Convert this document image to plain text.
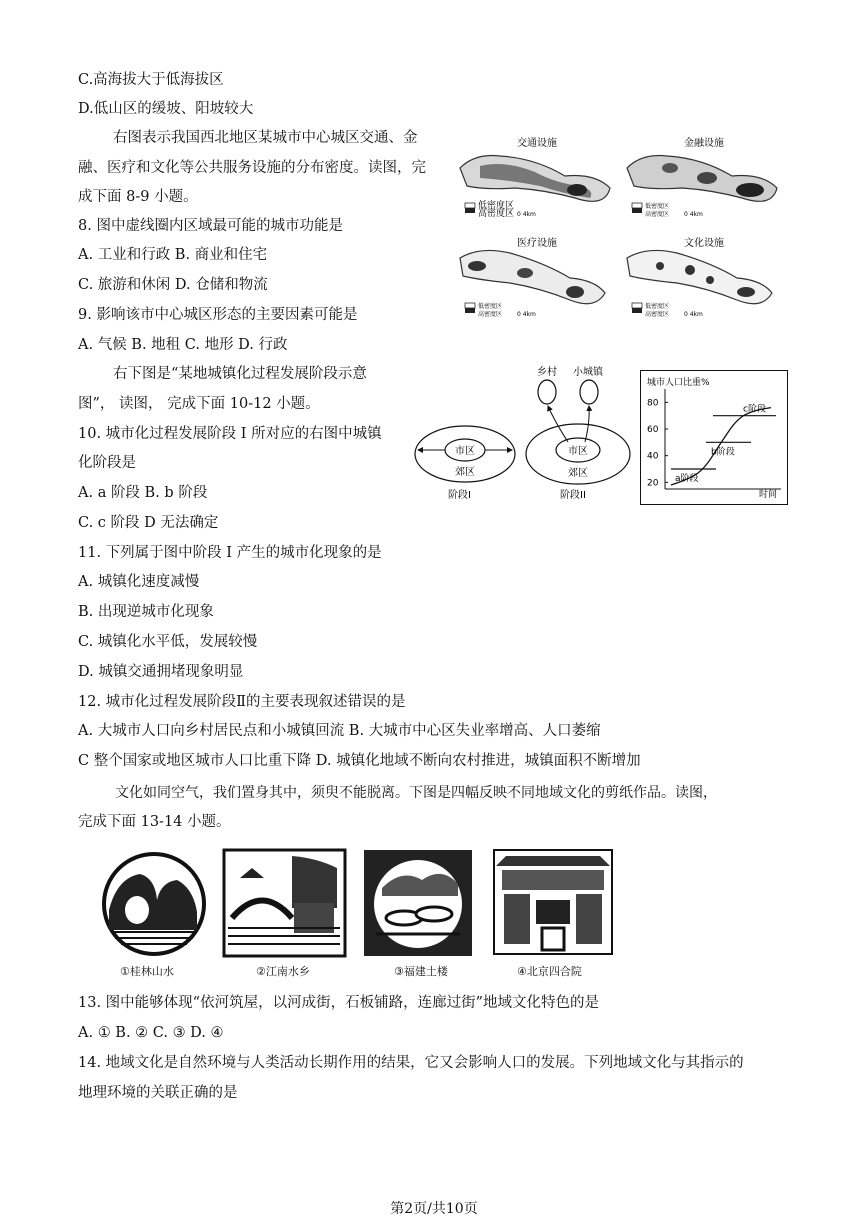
C.高海拔大于低海拔区
D.低山区的缓坡、阳坡较大
右图表示我国西北地区某城市中心城区交通、金
融、医疗和文化等公共服务设施的分布密度。读图，完
成下面 8-9 小题。
8. 图中虚线圈内区域最可能的城市功能是
A. 工业和行政 B. 商业和住宅
C. 旅游和休闲 D. 仓储和物流
9. 影响该市中心城区形态的主要因素可能是
A. 气候 B. 地租 C. 地形 D. 行政
右下图是“某地城镇化过程发展阶段示意
图”， 读图， 完成下面 10-12 小题。
10. 城市化过程发展阶段 I 所对应的右图中城镇
化阶段是
A. a 阶段 B. b 阶段
C. c 阶段 D 无法确定
11. 下列属于图中阶段 I 产生的城市化现象的是
A. 城镇化速度减慢
B. 出现逆城市化现象
C. 城镇化水平低，发展较慢
D. 城镇交通拥堵现象明显
12. 城市化过程发展阶段Ⅱ的主要表现叙述错误的是
A. 大城市人口向乡村居民点和小城镇回流 B. 大城市中心区失业率增高、人口萎缩
C 整个国家或地区城市人口比重下降 D. 城镇化地域不断向农村推进，城镇面积不断增加
文化如同空气，我们置身其中，须臾不能脱离。下图是四幅反映不同地域文化的剪纸作品。读图，
完成下面 13-14 小题。
13. 图中能够体现“依河筑屋，以河成街，石板铺路，连廊过街”地域文化特色的是
A. ① B. ② C. ③ D. ④
14. 地域文化是自然环境与人类活动长期作用的结果，它又会影响人口的发展。下列地域文化与其指示的
地理环境的关联正确的是
交通设施
低密度区
高密度区 0 4km
金融设施
低密度区
高密度区 0 4km
医疗设施
低密度区
高密度区 0 4km
文化设施
低密度区
高密度区 0 4km
市区
郊区
阶段I
乡村 小城镇
市区
郊区
阶段II
城市人口比重%
时间
80
60
40
20 a阶段
b阶段
c阶段
①桂林山水	②江南水乡	③福建土楼	④北京四合院
第2页/共10页
